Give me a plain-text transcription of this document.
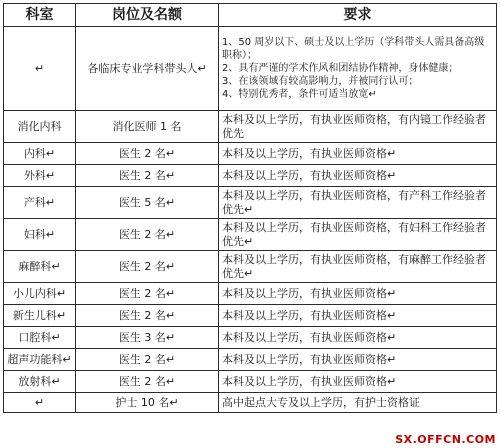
科室	岗位及名额	要求
↵	各临床专业学科带头人↵	1、50 周岁以下、硕士及以上学历（学科带头人需具备高级职称）；
2、具有严谨的学术作风和团结协作精神，身体健康；
3、在该领域有较高影响力，并被同行认可；
4、特别优秀者，条件可适当放宽↵

消化内科	消化医师 1 名	本科及以上学历，有执业医师资格，有内镜工作经验者优先
内科↵	医生 2 名↵	本科及以上学历，有执业医师资格↵
外科↵	医生 2 名↵	本科及以上学历，有执业医师资格↵
产科↵	医生 5 名↵	本科及以上学历，有执业医师资格，有产科工作经验者优先↵
妇科↵	医生 2 名↵	本科及以上学历，有执业医师资格，有妇科工作经验者优先↵
麻醉科↵	医生 2 名↵	本科及以上学历，有执业医师资格，有麻醉工作经验者优先↵
小儿内科↵	医生 2 名↵	本科及以上学历，有执业医师资格↵
新生儿科↵	医生 2 名↵	本科及以上学历，有执业医师资格↵
口腔科↵	医生 3 名↵	本科及以上学历，有执业医师资格↵
超声功能科↵	医生 2 名↵	本科及以上学历，有执业医师资格↵
放射科↵	医生 2 名↵	本科及以上学历，有执业医师资格↵
↵	护士 10 名↵	高中起点大专及以上学历，有护士资格证
SX.OFFCN.COM
